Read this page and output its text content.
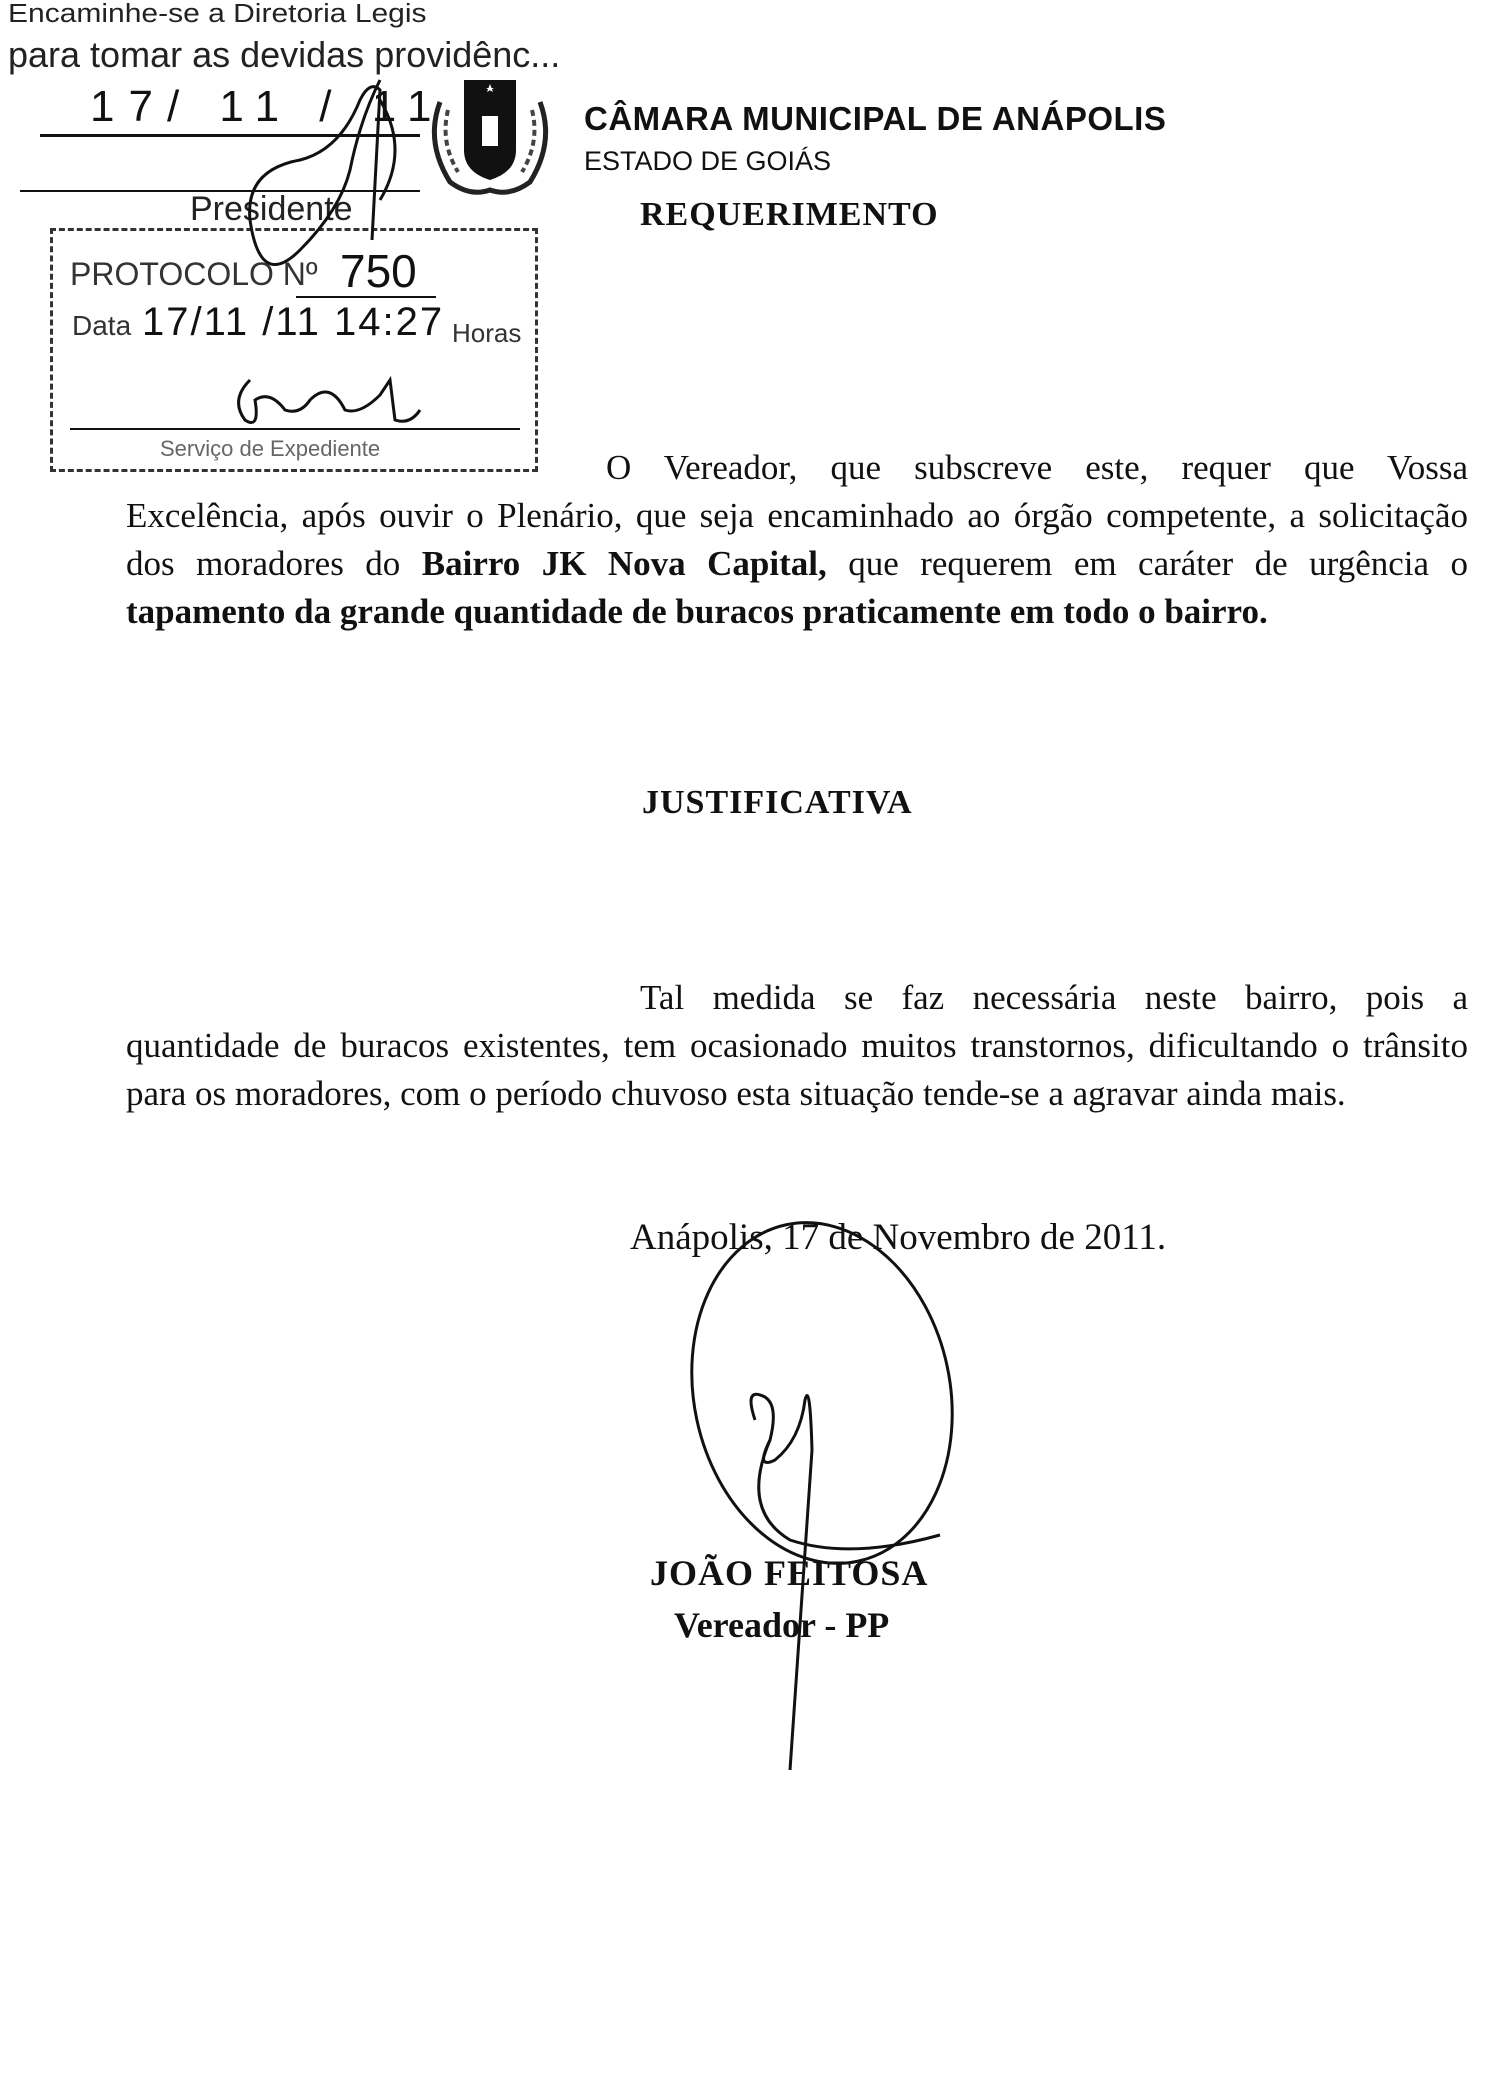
Encaminhe-se a Diretoria Legis
para tomar as devidas providênc...
17/ 11 / 11
Presidente
PROTOCOLO Nº 750
Data 17/11 /11 14:27 Horas
Serviço de Expediente
CÂMARA MUNICIPAL DE ANÁPOLIS
ESTADO DE GOIÁS
REQUERIMENTO
O Vereador, que subscreve este, requer que Vossa Excelência, após ouvir o Plenário, que seja encaminhado ao órgão competente, a solicitação dos moradores do Bairro JK Nova Capital, que requerem em caráter de urgência o tapamento da grande quantidade de buracos praticamente em todo o bairro.
JUSTIFICATIVA
Tal medida se faz necessária neste bairro, pois a quantidade de buracos existentes, tem ocasionado muitos transtornos, dificultando o trânsito para os moradores, com o período chuvoso esta situação tende-se a agravar ainda mais.
Anápolis, 17 de Novembro de 2011.
JOÃO FEITOSA
Vereador - PP
